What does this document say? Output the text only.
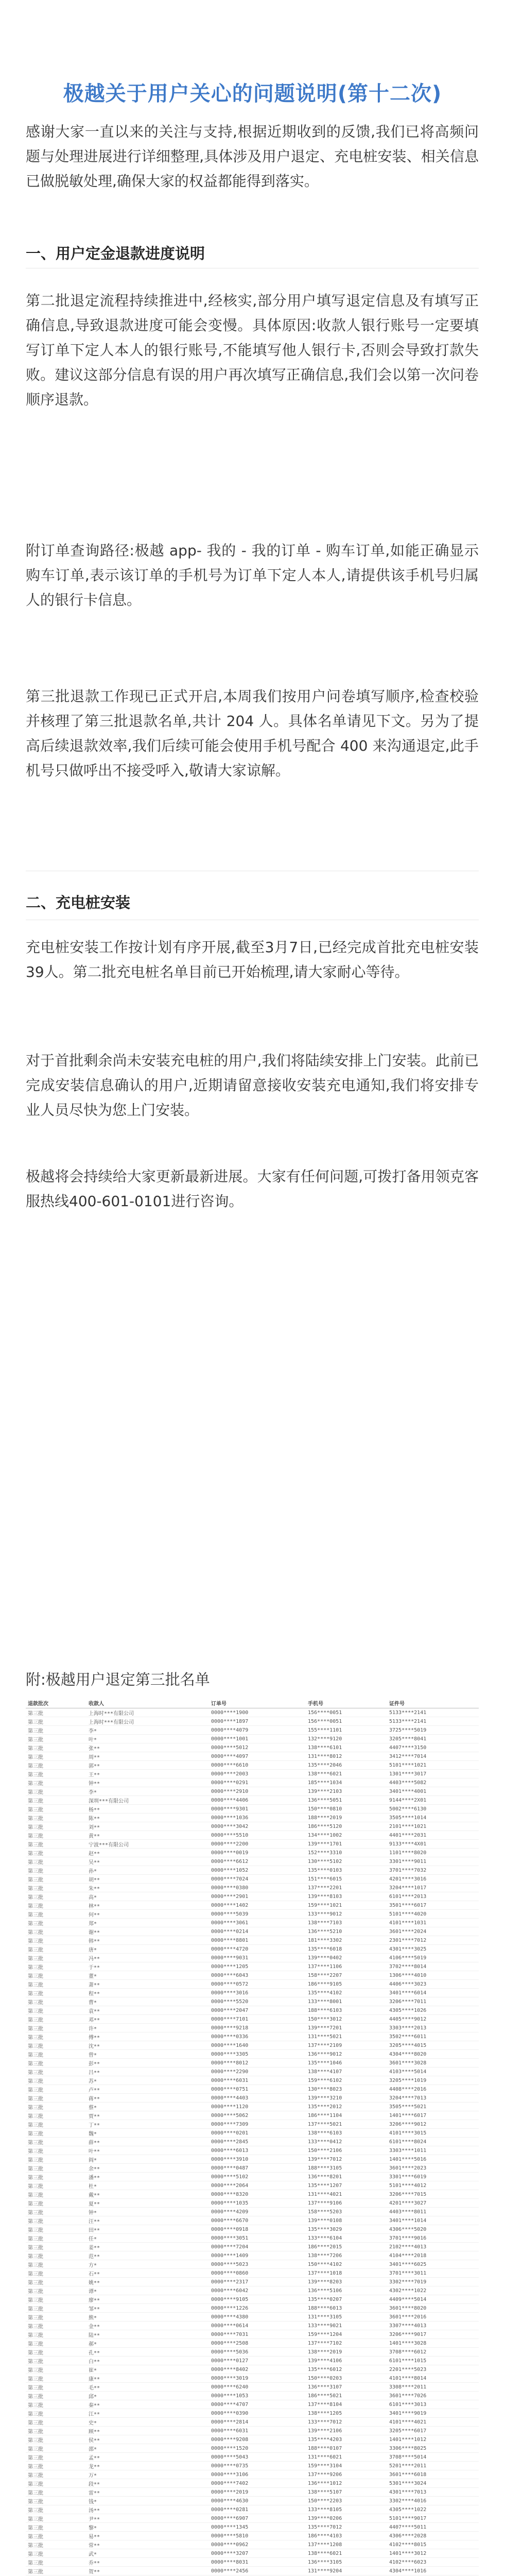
极越关于用户关心的问题说明(第十二次)

感谢大家一直以来的关注与支持,根据近期收到的反馈,我们已将高频问题与处理进展进行详细整理,具体涉及用户退定、充电桩安装、相关信息已做脱敏处理,确保大家的权益都能得到落实。

一、用户定金退款进度说明

第二批退定流程持续推进中,经核实,部分用户填写退定信息及有填写正确信息,导致退款进度可能会变慢。具体原因:收款人银行账号一定要填写订单下定人本人的银行账号,不能填写他人银行卡,否则会导致打款失败。建议这部分信息有误的用户再次填写正确信息,我们会以第一次问卷顺序退款。

附订单查询路径:极越 app- 我的 - 我的订单 - 购车订单,如能正确显示购车订单,表示该订单的手机号为订单下定人本人,请提供该手机号归属人的银行卡信息。

第三批退款工作现已正式开启,本周我们按用户问卷填写顺序,检查校验并核理了第三批退款名单,共计 204 人。具体名单请见下文。另为了提高后续退款效率,我们后续可能会使用手机号配合 400 来沟通退定,此手机号只做呼出不接受呼入,敬请大家谅解。

二、充电桩安装

充电桩安装工作按计划有序开展,截至3月7日,已经完成首批充电桩安装39人。第二批充电桩名单目前已开始梳理,请大家耐心等待。

对于首批剩余尚未安装充电桩的用户,我们将陆续安排上门安装。此前已完成安装信息确认的用户,近期请留意接收安装充电通知,我们将安排专业人员尽快为您上门安装。

极越将会持续给大家更新最新进展。大家有任何问题,可拨打备用领克客服热线400-601-0101进行咨询。

附:极越用户退定第三批名单
退款批次	收款人	订单号	手机号	证件号
第三批	上海时***有限公司	0000****1900	156****0051	5133****2141
第三批	上海时***有限公司	0000****1897	156****0051	5133****2141
第三批	李*	0000****4079	155****1101	3725****5019
第三批	叶*	0000****1001	132****9120	3205****8041
第三批	张**	0000****5012	138****6101	4407****3150
第三批	周**	0000****4097	131****8012	3412****7014
第三批	郭**	0000****6610	135****2046	5101****1021
第三批	王**	0000****2003	138****6021	1301****3017
第三批	钟**	0000****0291	185****1034	4403****5082
第三批	李*	0000****2910	139****2103	3401****4001
第三批	深圳***有限公司	0000****4406	136****5051	9144****2X01
第三批	杨**	0000****9301	150****0810	5002****6130
第三批	陈**	0000****1036	188****2019	3505****1014
第三批	刘**	0000****3042	186****5120	2101****1021
第三批	黄**	0000****5510	134****1002	4401****2031
第三批	宁波***有限公司	0000****2200	139****1701	9133****4X01
第三批	赵**	0000****0019	152****3310	1101****8020
第三批	吴**	0000****6612	130****5102	3301****9011
第三批	孙*	0000****1052	135****0103	3701****7032
第三批	胡**	0000****7024	151****6015	4201****3016
第三批	朱**	0000****0380	137****2201	3204****1017
第三批	高*	0000****2901	139****8103	6101****2013
第三批	林**	0000****1402	159****1021	3501****6017
第三批	何**	0000****5039	133****9012	5101****4020
第三批	郑*	0000****3061	138****7103	4101****1031
第三批	谢**	0000****0214	136****5210	3601****2024
第三批	韩**	0000****8801	181****3302	2301****7012
第三批	唐*	0000****4720	135****6018	4301****3025
第三批	冯**	0000****9031	139****0402	4106****5019
第三批	于**	0000****1205	137****1106	3702****8014
第三批	董*	0000****6043	158****2207	1306****4010
第三批	萧**	0000****0572	186****9105	4406****3023
第三批	程**	0000****3016	135****4102	3401****6014
第三批	曹*	0000****5520	133****8001	3206****7011
第三批	袁**	0000****2047	188****6103	4305****1026
第三批	邓**	0000****7101	150****3012	4405****9012
第三批	许*	0000****9218	139****7201	3303****2013
第三批	傅**	0000****0336	131****5021	3502****6011
第三批	沈**	0000****1640	137****2109	3205****4015
第三批	曾*	0000****3305	136****9012	4304****8020
第三批	彭**	0000****8012	135****1046	3601****3028
第三批	吕**	0000****2290	138****4107	4103****5014
第三批	苏*	0000****6031	159****6102	3205****1019
第三批	卢**	0000****0751	130****8023	4408****2016
第三批	蒋**	0000****4403	139****3210	3204****7013
第三批	蔡*	0000****1120	135****2012	3505****5021
第三批	贾**	0000****5062	186****1104	1401****6017
第三批	丁**	0000****7309	137****5021	3206****9012
第三批	魏*	0000****0201	138****6103	4101****3015
第三批	薛**	0000****2845	133****0412	6101****8024
第三批	叶**	0000****6013	150****2106	3303****1011
第三批	阎*	0000****3910	139****7012	1401****5016
第三批	余**	0000****0487	188****3105	3601****2023
第三批	潘**	0000****5102	136****8201	3301****6019
第三批	杜*	0000****2064	135****1207	5101****4012
第三批	戴**	0000****8320	131****4021	3206****7015
第三批	夏**	0000****1035	137****9106	4201****3027
第三批	钟*	0000****4209	158****5203	4403****8011
第三批	汪**	0000****6670	139****0108	3401****1014
第三批	田**	0000****0918	135****3029	4306****5020
第三批	任*	0000****3051	133****6104	3701****9016
第三批	姜**	0000****7204	186****2015	2102****4013
第三批	范**	0000****1409	138****7206	4104****2018
第三批	方*	0000****5023	150****4102	3401****6025
第三批	石**	0000****0860	137****1018	3701****3011
第三批	姚**	0000****2317	139****8203	3302****7019
第三批	谭*	0000****6042	136****5106	4302****1022
第三批	廖**	0000****9105	135****0207	4409****5014
第三批	邹**	0000****1226	188****6013	3601****8020
第三批	熊*	0000****4380	131****3105	3601****2016
第三批	金**	0000****0614	133****9021	3307****4013
第三批	陆**	0000****7031	159****1204	3206****9017
第三批	郝*	0000****2508	137****7102	1401****3028
第三批	孔**	0000****5036	138****2019	3708****6012
第三批	白**	0000****0127	139****4106	6101****1015
第三批	崔*	0000****8402	135****6012	2201****5023
第三批	康**	0000****3019	150****0203	4101****8014
第三批	毛**	0000****6240	136****3107	3308****2011
第三批	邱*	0000****1053	186****5021	3601****7026
第三批	秦**	0000****4707	137****8104	6101****3013
第三批	江**	0000****0390	138****1205	3401****9019
第三批	史*	0000****2814	133****7012	4101****4021
第三批	顾**	0000****6031	139****2106	3205****6017
第三批	侯**	0000****9208	135****4203	1401****1012
第三批	邵*	0000****1520	188****0107	3306****8025
第三批	孟**	0000****5043	131****6021	3708****5014
第三批	龙**	0000****0735	159****3104	5201****2011
第三批	万*	0000****3106	137****9206	3601****6018
第三批	段**	0000****7402	136****1012	5301****3024
第三批	雷**	0000****2019	138****5107	4301****7013
第三批	钱*	0000****4630	150****2203	3302****4016
第三批	汤**	0000****0281	133****8105	4305****1022
第三批	尹**	0000****6907	139****0206	5101****9017
第三批	黎*	0000****1345	135****7012	4407****5011
第三批	易**	0000****5810	186****4103	4306****2028
第三批	常**	0000****0962	137****1208	4102****8015
第三批	武*	0000****3207	138****6021	1401****3012
第三批	乔**	0000****8031	136****3105	4102****6023
第三批	贺**	0000****2456	131****9204	4304****1016
